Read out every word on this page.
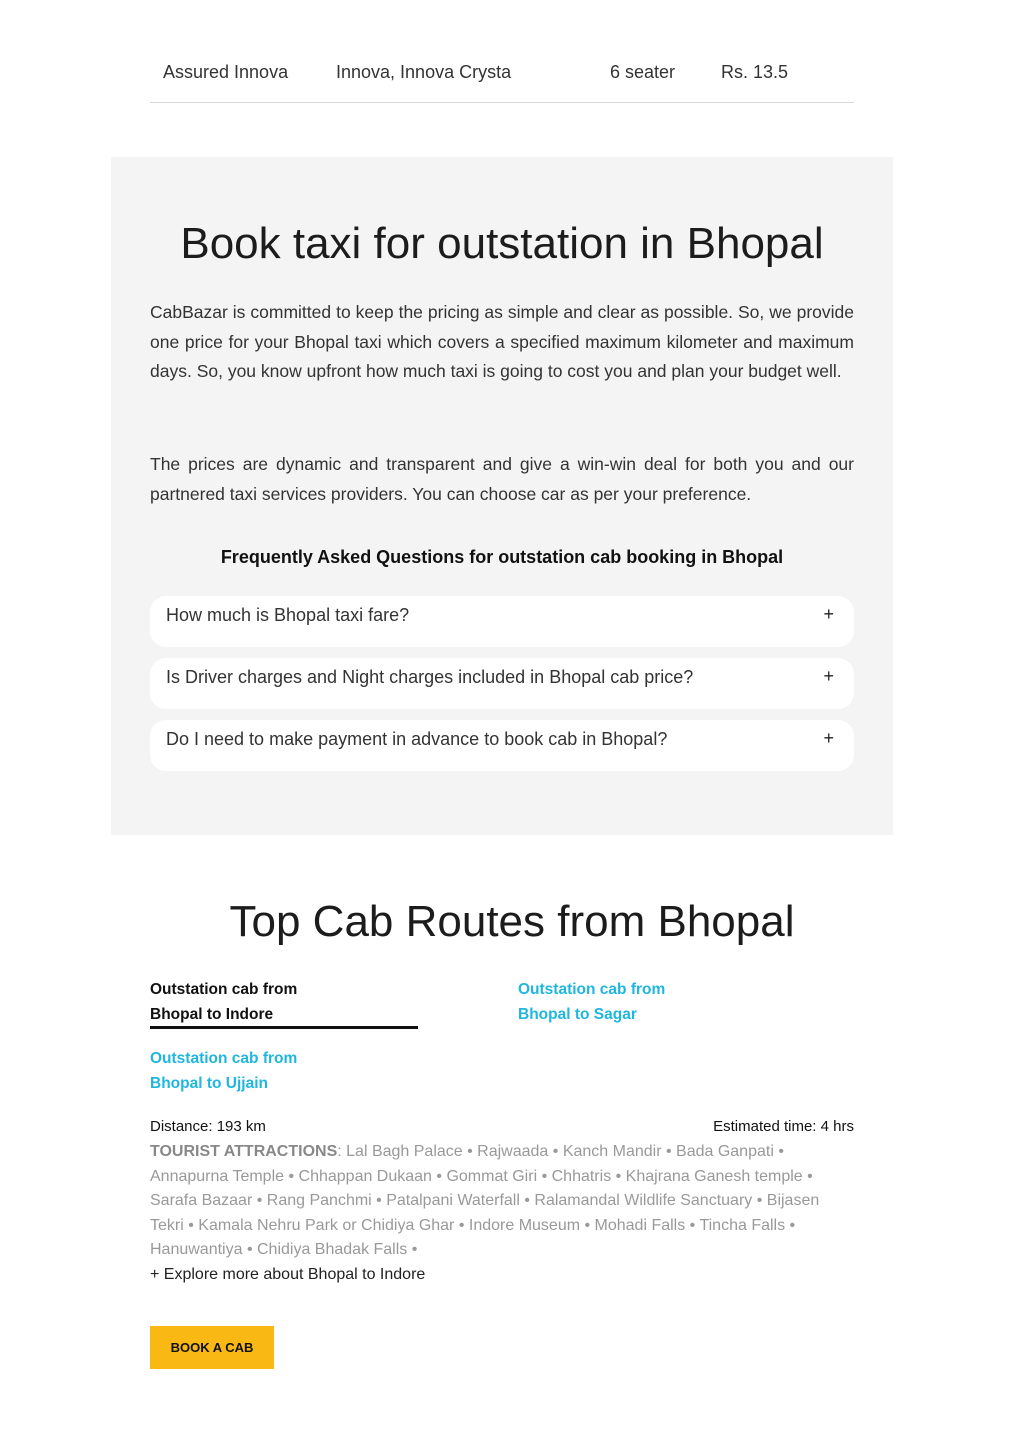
Assured Innova	Innova, Innova Crysta	6 seater	Rs. 13.5
Book taxi for outstation in Bhopal

CabBazar is committed to keep the pricing as simple and clear as possible. So, we provide one price for your Bhopal taxi which covers a specified maximum kilometer and maximum days. So, you know upfront how much taxi is going to cost you and plan your budget well.

The prices are dynamic and transparent and give a win-win deal for both you and our partnered taxi services providers. You can choose car as per your preference.

Frequently Asked Questions for outstation cab booking in Bhopal
How much is Bhopal taxi fare?	+
Is Driver charges and Night charges included in Bhopal cab price?	+
Do I need to make payment in advance to book cab in Bhopal?	+
Top Cab Routes from Bhopal
Outstation cab from
Bhopal to Indore
Outstation cab from
Bhopal to Sagar
Outstation cab from
Bhopal to Ujjain
Distance: 193 km	Estimated time: 4 hrs

TOURIST ATTRACTIONS: Lal Bagh Palace • Rajwaada • Kanch Mandir • Bada Ganpati • Annapurna Temple • Chhappan Dukaan • Gommat Giri • Chhatris • Khajrana Ganesh temple • Sarafa Bazaar • Rang Panchmi • Patalpani Waterfall • Ralamandal Wildlife Sanctuary • Bijasen Tekri • Kamala Nehru Park or Chidiya Ghar • Indore Museum • Mohadi Falls • Tincha Falls • Hanuwantiya • Chidiya Bhadak Falls •

+ Explore more about Bhopal to Indore
BOOK A CAB
